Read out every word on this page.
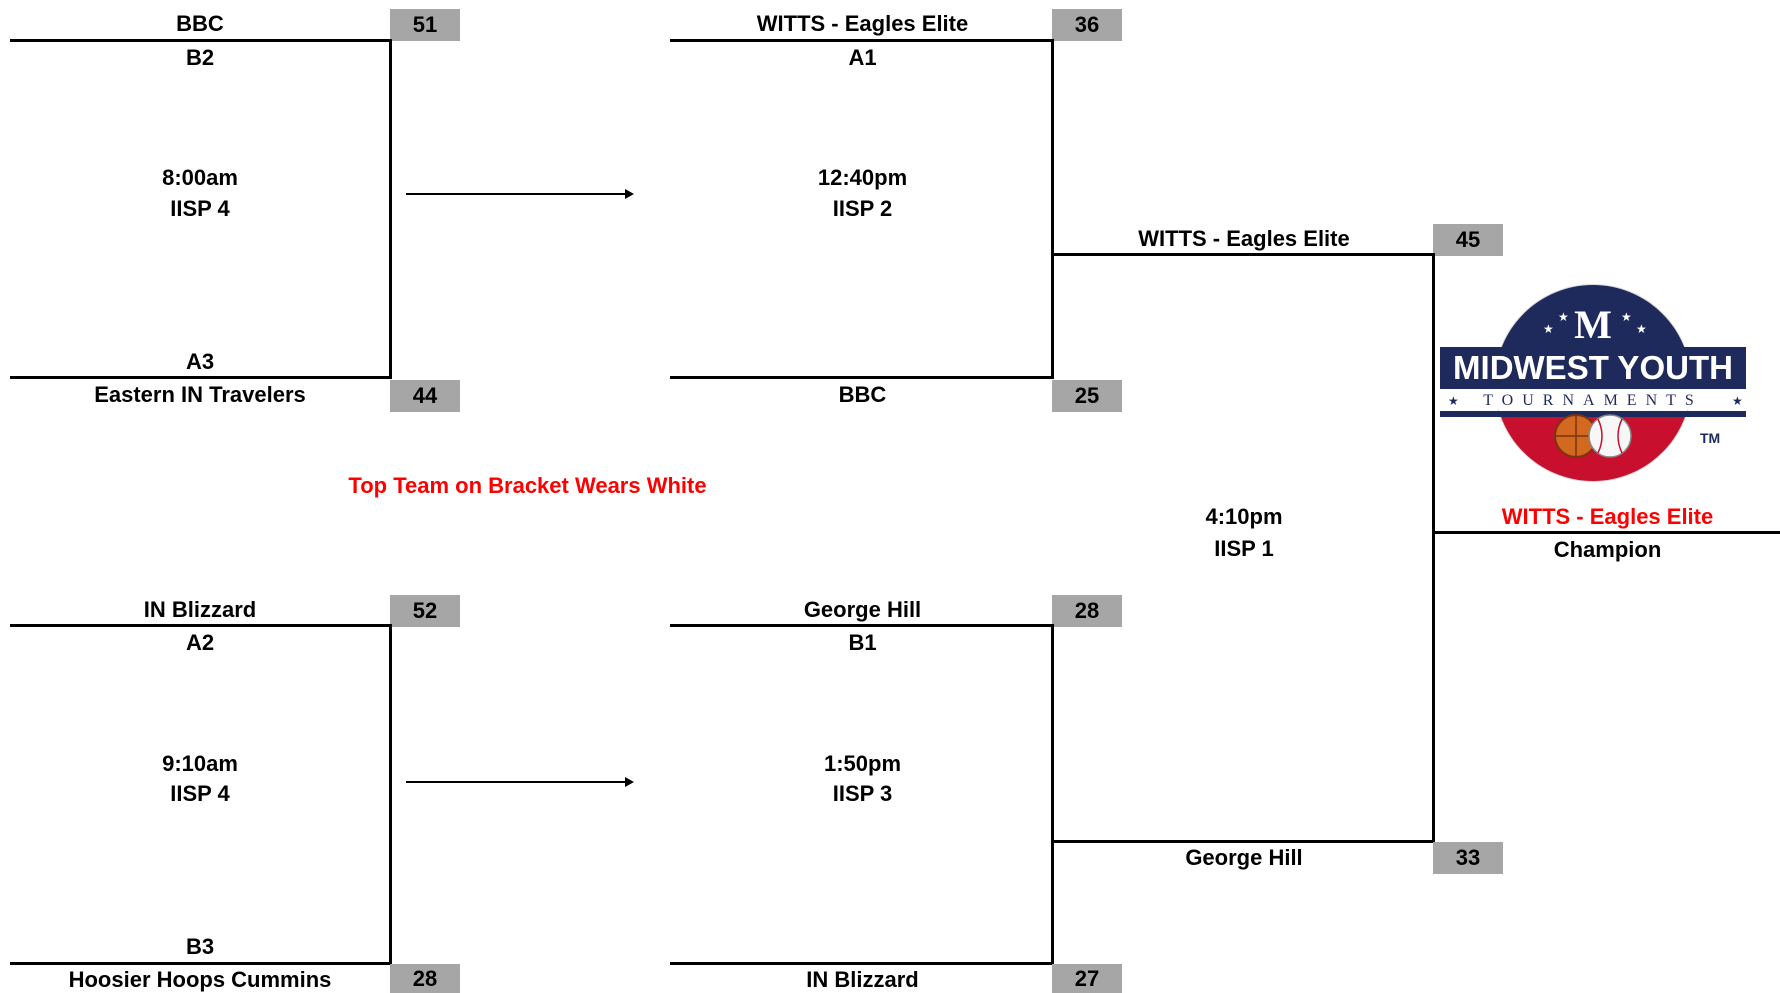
BBC	51
B2
8:00am
IISP 4
A3
Eastern IN Travelers	44
IN Blizzard	52
A2
9:10am
IISP 4
B3
Hoosier Hoops Cummins	28
Top Team on Bracket Wears White
WITTS - Eagles Elite	36
A1
12:40pm
IISP 2
BBC	25
George Hill	28
B1
1:50pm
IISP 3
IN Blizzard	27
WITTS - Eagles Elite	45
4:10pm
IISP 1
George Hill	33
WITTS - Eagles Elite
Champion
★
★	★
★
M
MIDWEST YOUTH
TOURNAMENTS
★	★
TM
